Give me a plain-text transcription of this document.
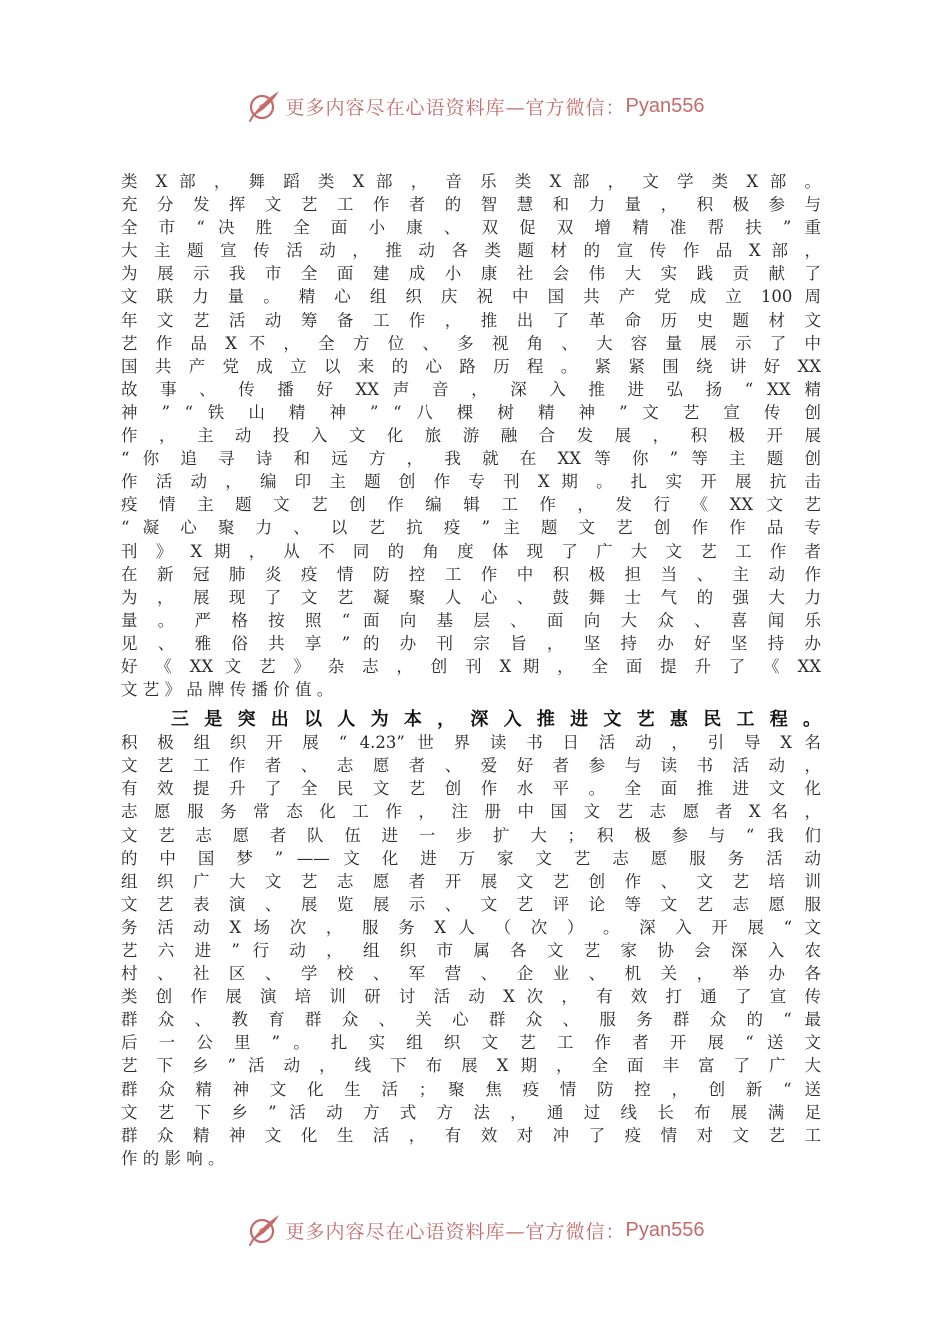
更多内容尽在心语资料库—官方微信： Pyan556
类 X 部 ， 舞 蹈 类 X 部 ， 音 乐 类 X 部 ， 文 学 类 X 部 。
充 分 发 挥 文 艺 工 作 者 的 智 慧 和 力 量 ， 积 极 参 与
全 市 “ 决 胜 全 面 小 康 、 双 促 双 增 精 准 帮 扶 ” 重
大 主 题 宣 传 活 动 ， 推 动 各 类 题 材 的 宣 传 作 品 X 部 ，
为 展 示 我 市 全 面 建 成 小 康 社 会 伟 大 实 践 贡 献 了
文 联 力 量 。 精 心 组 织 庆 祝 中 国 共 产 党 成 立 100 周
年 文 艺 活 动 筹 备 工 作 ， 推 出 了 革 命 历 史 题 材 文
艺 作 品 X 不 ， 全 方 位 、 多 视 角 、 大 容 量 展 示 了 中
国 共 产 党 成 立 以 来 的 心 路 历 程 。 紧 紧 围 绕 讲 好 XX
故 事 、 传 播 好 XX 声 音 ， 深 入 推 进 弘 扬 “ XX 精
神 ” “ 铁 山 精 神 ” “ 八 棵 树 精 神 ” 文 艺 宣 传 创
作 ， 主 动 投 入 文 化 旅 游 融 合 发 展 ， 积 极 开 展
“ 你 追 寻 诗 和 远 方 ， 我 就 在 XX 等 你 ” 等 主 题 创
作 活 动 ， 编 印 主 题 创 作 专 刊 X 期 。 扎 实 开 展 抗 击
疫 情 主 题 文 艺 创 作 编 辑 工 作 ， 发 行 《 XX 文 艺
“ 凝 心 聚 力 、 以 艺 抗 疫 ” 主 题 文 艺 创 作 作 品 专
刊 》 X 期 ， 从 不 同 的 角 度 体 现 了 广 大 文 艺 工 作 者
在 新 冠 肺 炎 疫 情 防 控 工 作 中 积 极 担 当 、 主 动 作
为 ， 展 现 了 文 艺 凝 聚 人 心 、 鼓 舞 士 气 的 强 大 力
量 。 严 格 按 照 “ 面 向 基 层 、 面 向 大 众 、 喜 闻 乐
见 、 雅 俗 共 享 ” 的 办 刊 宗 旨 ， 坚 持 办 好 坚 持 办
好 《 XX 文 艺 》 杂 志 ， 创 刊 X 期 ， 全 面 提 升 了 《 XX
文 艺 》 品 牌 传 播 价 值 。
三 是 突 出 以 人 为 本 ， 深 入 推 进 文 艺 惠 民 工 程 。
积 极 组 织 开 展 “ 4.23” 世 界 读 书 日 活 动 ， 引 导 X 名
文 艺 工 作 者 、 志 愿 者 、 爱 好 者 参 与 读 书 活 动 ，
有 效 提 升 了 全 民 文 艺 创 作 水 平 。 全 面 推 进 文 化
志 愿 服 务 常 态 化 工 作 ， 注 册 中 国 文 艺 志 愿 者 X 名 ，
文 艺 志 愿 者 队 伍 进 一 步 扩 大 ； 积 极 参 与 “ 我 们
的 中 国 梦 ” —— 文 化 进 万 家 文 艺 志 愿 服 务 活 动
组 织 广 大 文 艺 志 愿 者 开 展 文 艺 创 作 、 文 艺 培 训
文 艺 表 演 、 展 览 展 示 、 文 艺 评 论 等 文 艺 志 愿 服
务 活 动 X 场 次 ， 服 务 X 人 （ 次 ） 。 深 入 开 展 “ 文
艺 六 进 ” 行 动 ， 组 织 市 属 各 文 艺 家 协 会 深 入 农
村 、 社 区 、 学 校 、 军 营 、 企 业 、 机 关 ， 举 办 各
类 创 作 展 演 培 训 研 讨 活 动 X 次 ， 有 效 打 通 了 宣 传
群 众 、 教 育 群 众 、 关 心 群 众 、 服 务 群 众 的 “ 最
后 一 公 里 ” 。 扎 实 组 织 文 艺 工 作 者 开 展 “ 送 文
艺 下 乡 ” 活 动 ， 线 下 布 展 X 期 ， 全 面 丰 富 了 广 大
群 众 精 神 文 化 生 活 ； 聚 焦 疫 情 防 控 ， 创 新 “ 送
文 艺 下 乡 ” 活 动 方 式 方 法 ， 通 过 线 长 布 展 满 足
群 众 精 神 文 化 生 活 ， 有 效 对 冲 了 疫 情 对 文 艺 工
作 的 影 响 。
更多内容尽在心语资料库—官方微信： Pyan556
